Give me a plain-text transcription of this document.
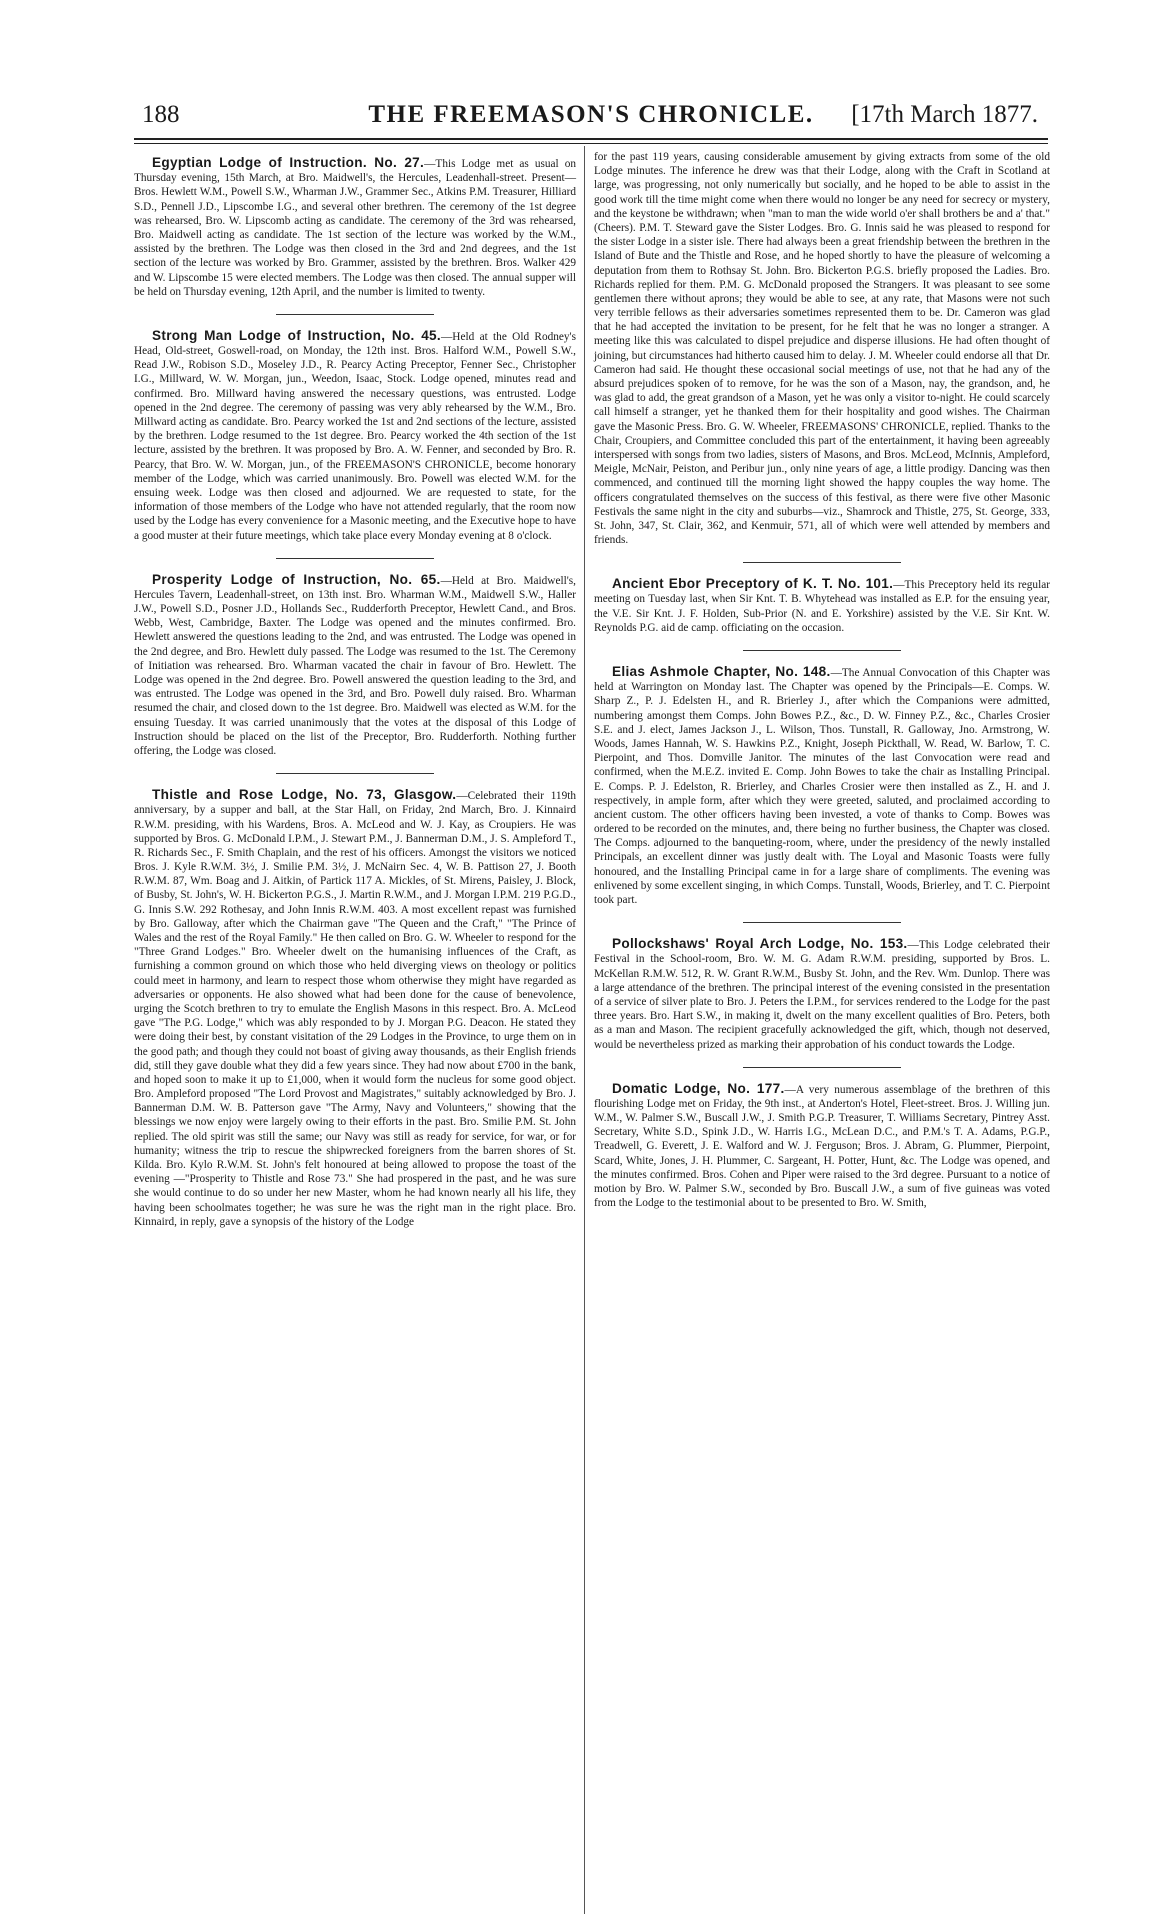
THE FREEMASON'S CHRONICLE.
188	[17th March 1877.

Egyptian Lodge of Instruction. No. 27.—This Lodge met as usual on Thursday evening, 15th March, at Bro. Maidwell's, the Hercules, Leadenhall-street. Present—Bros. Hewlett W.M., Powell S.W., Wharman J.W., Grammer Sec., Atkins P.M. Treasurer, Hilliard S.D., Pennell J.D., Lipscombe I.G., and several other brethren. The ceremony of the 1st degree was rehearsed, Bro. W. Lipscomb acting as candidate. The ceremony of the 3rd was rehearsed, Bro. Maidwell acting as candidate. The 1st section of the lecture was worked by the W.M., assisted by the brethren. The Lodge was then closed in the 3rd and 2nd degrees, and the 1st section of the lecture was worked by Bro. Grammer, assisted by the brethren. Bros. Walker 429 and W. Lipscombe 15 were elected members. The Lodge was then closed. The annual supper will be held on Thursday evening, 12th April, and the number is limited to twenty.

Strong Man Lodge of Instruction, No. 45.—Held at the Old Rodney's Head, Old-street, Goswell-road, on Monday, the 12th inst. Bros. Halford W.M., Powell S.W., Read J.W., Robison S.D., Moseley J.D., R. Pearcy Acting Preceptor, Fenner Sec., Christopher I.G., Millward, W. W. Morgan, jun., Weedon, Isaac, Stock. Lodge opened, minutes read and confirmed. Bro. Millward having answered the necessary questions, was entrusted. Lodge opened in the 2nd degree. The ceremony of passing was very ably rehearsed by the W.M., Bro. Millward acting as candidate. Bro. Pearcy worked the 1st and 2nd sections of the lecture, assisted by the brethren. Lodge resumed to the 1st degree. Bro. Pearcy worked the 4th section of the 1st lecture, assisted by the brethren. It was proposed by Bro. A. W. Fenner, and seconded by Bro. R. Pearcy, that Bro. W. W. Morgan, jun., of the FREEMASON'S CHRONICLE, become honorary member of the Lodge, which was carried unanimously. Bro. Powell was elected W.M. for the ensuing week. Lodge was then closed and adjourned. We are requested to state, for the information of those members of the Lodge who have not attended regularly, that the room now used by the Lodge has every convenience for a Masonic meeting, and the Executive hope to have a good muster at their future meetings, which take place every Monday evening at 8 o'clock.

Prosperity Lodge of Instruction, No. 65.—Held at Bro. Maidwell's, Hercules Tavern, Leadenhall-street, on 13th inst. Bro. Wharman W.M., Maidwell S.W., Haller J.W., Powell S.D., Posner J.D., Hollands Sec., Rudderforth Preceptor, Hewlett Cand., and Bros. Webb, West, Cambridge, Baxter. The Lodge was opened and the minutes confirmed. Bro. Hewlett answered the questions leading to the 2nd, and was entrusted. The Lodge was opened in the 2nd degree, and Bro. Hewlett duly passed. The Lodge was resumed to the 1st. The Ceremony of Initiation was rehearsed. Bro. Wharman vacated the chair in favour of Bro. Hewlett. The Lodge was opened in the 2nd degree. Bro. Powell answered the question leading to the 3rd, and was entrusted. The Lodge was opened in the 3rd, and Bro. Powell duly raised. Bro. Wharman resumed the chair, and closed down to the 1st degree. Bro. Maidwell was elected as W.M. for the ensuing Tuesday. It was carried unanimously that the votes at the disposal of this Lodge of Instruction should be placed on the list of the Preceptor, Bro. Rudderforth. Nothing further offering, the Lodge was closed.

Thistle and Rose Lodge, No. 73, Glasgow.—Celebrated their 119th anniversary, by a supper and ball, at the Star Hall, on Friday, 2nd March, Bro. J. Kinnaird R.W.M. presiding, with his Wardens, Bros. A. McLeod and W. J. Kay, as Croupiers. He was supported by Bros. G. McDonald I.P.M., J. Stewart P.M., J. Bannerman D.M., J. S. Ampleford T., R. Richards Sec., F. Smith Chaplain, and the rest of his officers. Amongst the visitors we noticed Bros. J. Kyle R.W.M. 3½, J. Smilie P.M. 3½, J. McNairn Sec. 4, W. B. Pattison 27, J. Booth R.W.M. 87, Wm. Boag and J. Aitkin, of Partick 117 A. Mickles, of St. Mirens, Paisley, J. Block, of Busby, St. John's, W. H. Bickerton P.G.S., J. Martin R.W.M., and J. Morgan I.P.M. 219 P.G.D., G. Innis S.W. 292 Rothesay, and John Innis R.W.M. 403. A most excellent repast was furnished by Bro. Galloway, after which the Chairman gave "The Queen and the Craft," "The Prince of Wales and the rest of the Royal Family." He then called on Bro. G. W. Wheeler to respond for the "Three Grand Lodges." Bro. Wheeler dwelt on the humanising influences of the Craft, as furnishing a common ground on which those who held diverging views on theology or politics could meet in harmony, and learn to respect those whom otherwise they might have regarded as adversaries or opponents. He also showed what had been done for the cause of benevolence, urging the Scotch brethren to try to emulate the English Masons in this respect. Bro. A. McLeod gave "The P.G. Lodge," which was ably responded to by J. Morgan P.G. Deacon. He stated they were doing their best, by constant visitation of the 29 Lodges in the Province, to urge them on in the good path; and though they could not boast of giving away thousands, as their English friends did, still they gave double what they did a few years since. They had now about £700 in the bank, and hoped soon to make it up to £1,000, when it would form the nucleus for some good object. Bro. Ampleford proposed "The Lord Provost and Magistrates," suitably acknowledged by Bro. J. Bannerman D.M. W. B. Patterson gave "The Army, Navy and Volunteers," showing that the blessings we now enjoy were largely owing to their efforts in the past. Bro. Smilie P.M. St. John replied. The old spirit was still the same; our Navy was still as ready for service, for war, or for humanity; witness the trip to rescue the shipwrecked foreigners from the barren shores of St. Kilda. Bro. Kylo R.W.M. St. John's felt honoured at being allowed to propose the toast of the evening —"Prosperity to Thistle and Rose 73." She had prospered in the past, and he was sure she would continue to do so under her new Master, whom he had known nearly all his life, they having been schoolmates together; he was sure he was the right man in the right place. Bro. Kinnaird, in reply, gave a synopsis of the history of the Lodge

for the past 119 years, causing considerable amusement by giving extracts from some of the old Lodge minutes. The inference he drew was that their Lodge, along with the Craft in Scotland at large, was progressing, not only numerically but socially, and he hoped to be able to assist in the good work till the time might come when there would no longer be any need for secrecy or mystery, and the keystone be withdrawn; when "man to man the wide world o'er shall brothers be and a' that." (Cheers). P.M. T. Steward gave the Sister Lodges. Bro. G. Innis said he was pleased to respond for the sister Lodge in a sister isle. There had always been a great friendship between the brethren in the Island of Bute and the Thistle and Rose, and he hoped shortly to have the pleasure of welcoming a deputation from them to Rothsay St. John. Bro. Bickerton P.G.S. briefly proposed the Ladies. Bro. Richards replied for them. P.M. G. McDonald proposed the Strangers. It was pleasant to see some gentlemen there without aprons; they would be able to see, at any rate, that Masons were not such very terrible fellows as their adversaries sometimes represented them to be. Dr. Cameron was glad that he had accepted the invitation to be present, for he felt that he was no longer a stranger. A meeting like this was calculated to dispel prejudice and disperse illusions. He had often thought of joining, but circumstances had hitherto caused him to delay. J. M. Wheeler could endorse all that Dr. Cameron had said. He thought these occasional social meetings of use, not that he had any of the absurd prejudices spoken of to remove, for he was the son of a Mason, nay, the grandson, and, he was glad to add, the great grandson of a Mason, yet he was only a visitor to-night. He could scarcely call himself a stranger, yet he thanked them for their hospitality and good wishes. The Chairman gave the Masonic Press. Bro. G. W. Wheeler, FREEMASONS' CHRONICLE, replied. Thanks to the Chair, Croupiers, and Committee concluded this part of the entertainment, it having been agreeably interspersed with songs from two ladies, sisters of Masons, and Bros. McLeod, McInnis, Ampleford, Meigle, McNair, Peiston, and Peribur jun., only nine years of age, a little prodigy. Dancing was then commenced, and continued till the morning light showed the happy couples the way home. The officers congratulated themselves on the success of this festival, as there were five other Masonic Festivals the same night in the city and suburbs—viz., Shamrock and Thistle, 275, St. George, 333, St. John, 347, St. Clair, 362, and Kenmuir, 571, all of which were well attended by members and friends.

Ancient Ebor Preceptory of K. T. No. 101.—This Preceptory held its regular meeting on Tuesday last, when Sir Knt. T. B. Whytehead was installed as E.P. for the ensuing year, the V.E. Sir Knt. J. F. Holden, Sub-Prior (N. and E. Yorkshire) assisted by the V.E. Sir Knt. W. Reynolds P.G. aid de camp. officiating on the occasion.

Elias Ashmole Chapter, No. 148.—The Annual Convocation of this Chapter was held at Warrington on Monday last. The Chapter was opened by the Principals—E. Comps. W. Sharp Z., P. J. Edelsten H., and R. Brierley J., after which the Companions were admitted, numbering amongst them Comps. John Bowes P.Z., &c., D. W. Finney P.Z., &c., Charles Crosier S.E. and J. elect, James Jackson J., L. Wilson, Thos. Tunstall, R. Galloway, Jno. Armstrong, W. Woods, James Hannah, W. S. Hawkins P.Z., Knight, Joseph Pickthall, W. Read, W. Barlow, T. C. Pierpoint, and Thos. Domville Janitor. The minutes of the last Convocation were read and confirmed, when the M.E.Z. invited E. Comp. John Bowes to take the chair as Installing Principal. E. Comps. P. J. Edelston, R. Brierley, and Charles Crosier were then installed as Z., H. and J. respectively, in ample form, after which they were greeted, saluted, and proclaimed according to ancient custom. The other officers having been invested, a vote of thanks to Comp. Bowes was ordered to be recorded on the minutes, and, there being no further business, the Chapter was closed. The Comps. adjourned to the banqueting-room, where, under the presidency of the newly installed Principals, an excellent dinner was justly dealt with. The Loyal and Masonic Toasts were fully honoured, and the Installing Principal came in for a large share of compliments. The evening was enlivened by some excellent singing, in which Comps. Tunstall, Woods, Brierley, and T. C. Pierpoint took part.

Pollockshaws' Royal Arch Lodge, No. 153.—This Lodge celebrated their Festival in the School-room, Bro. W. M. G. Adam R.W.M. presiding, supported by Bros. L. McKellan R.M.W. 512, R. W. Grant R.W.M., Busby St. John, and the Rev. Wm. Dunlop. There was a large attendance of the brethren. The principal interest of the evening consisted in the presentation of a service of silver plate to Bro. J. Peters the I.P.M., for services rendered to the Lodge for the past three years. Bro. Hart S.W., in making it, dwelt on the many excellent qualities of Bro. Peters, both as a man and Mason. The recipient gracefully acknowledged the gift, which, though not deserved, would be nevertheless prized as marking their approbation of his conduct towards the Lodge.

Domatic Lodge, No. 177.—A very numerous assemblage of the brethren of this flourishing Lodge met on Friday, the 9th inst., at Anderton's Hotel, Fleet-street. Bros. J. Willing jun. W.M., W. Palmer S.W., Buscall J.W., J. Smith P.G.P. Treasurer, T. Williams Secretary, Pintrey Asst. Secretary, White S.D., Spink J.D., W. Harris I.G., McLean D.C., and P.M.'s T. A. Adams, P.G.P., Treadwell, G. Everett, J. E. Walford and W. J. Ferguson; Bros. J. Abram, G. Plummer, Pierpoint, Scard, White, Jones, J. H. Plummer, C. Sargeant, H. Potter, Hunt, &c. The Lodge was opened, and the minutes confirmed. Bros. Cohen and Piper were raised to the 3rd degree. Pursuant to a notice of motion by Bro. W. Palmer S.W., seconded by Bro. Buscall J.W., a sum of five guineas was voted from the Lodge to the testimonial about to be presented to Bro. W. Smith,
